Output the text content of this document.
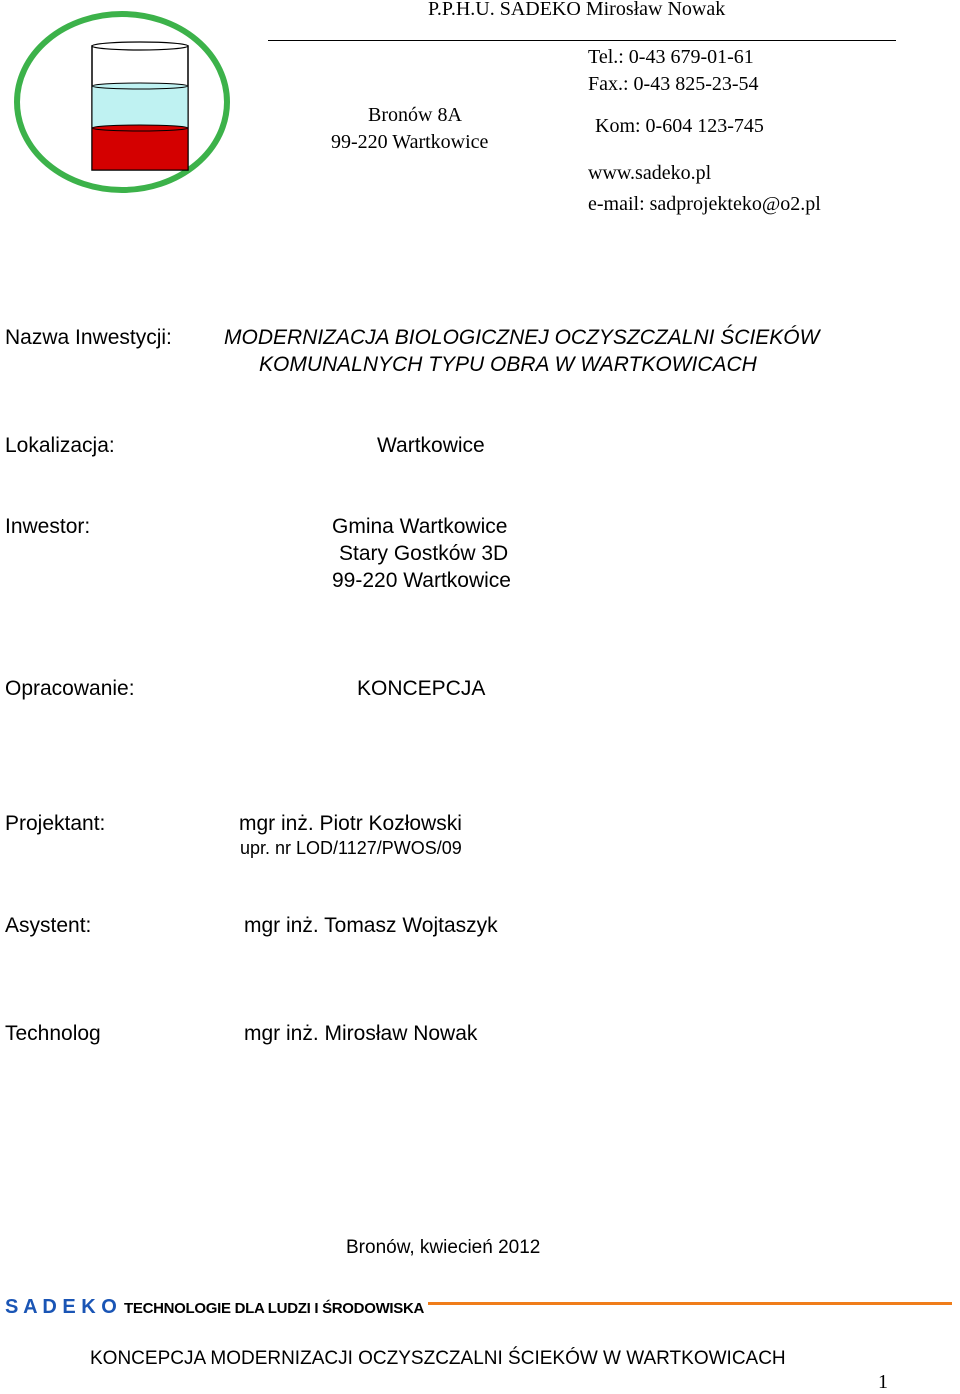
P.P.H.U. SADEKO Mirosław Nowak
Bronów 8A
99-220 Wartkowice
Tel.: 0-43 679-01-61
Fax.: 0-43 825-23-54
Kom: 0-604 123-745
www.sadeko.pl
e-mail: sadprojekteko@o2.pl
Nazwa Inwestycji: MODERNIZACJA BIOLOGICZNEJ OCZYSZCZALNI ŚCIEKÓW
KOMUNALNYCH TYPU OBRA W WARTKOWICACH
Lokalizacja:	Wartkowice
Inwestor:	Gmina Wartkowice
Stary Gostków 3D
99-220 Wartkowice
Opracowanie:	KONCEPCJA
Projektant:	mgr inż. Piotr Kozłowski
upr. nr LOD/1127/PWOS/09
Asystent:	mgr inż. Tomasz Wojtaszyk
Technolog	mgr inż. Mirosław Nowak
Bronów, kwiecień 2012
S A D E K O TECHNOLOGIE DLA LUDZI I ŚRODOWISKA
KONCEPCJA MODERNIZACJI OCZYSZCZALNI ŚCIEKÓW W WARTKOWICACH
1
